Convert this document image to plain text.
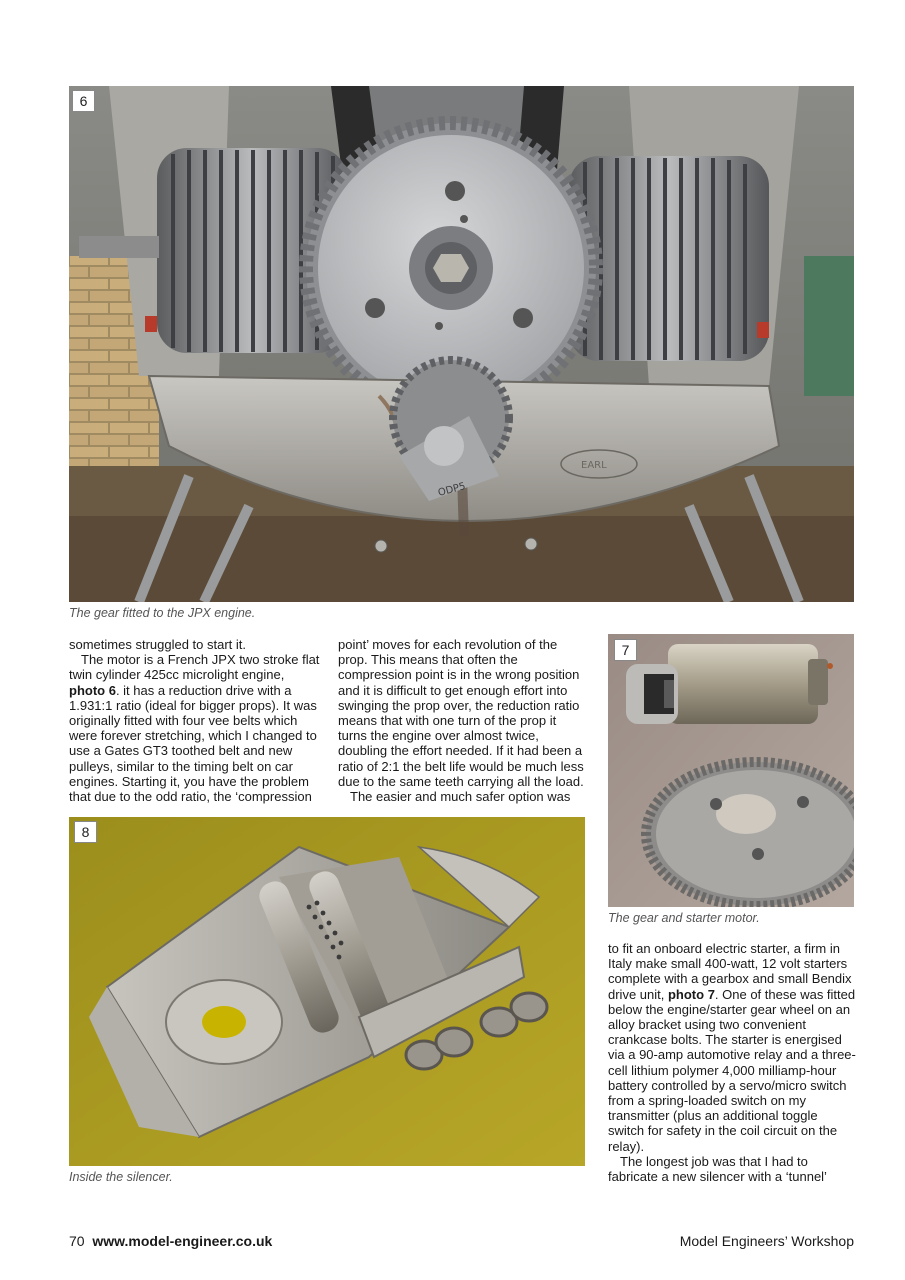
EARL
ODP5
6
The gear fitted to the JPX engine.

sometimes struggled to start it.

The motor is a French JPX two stroke flat twin cylinder 425cc microlight engine, photo 6. it has a reduction drive with a 1.931:1 ratio (ideal for bigger props). It was originally fitted with four vee belts which were forever stretching, which I changed to use a Gates GT3 toothed belt and new pulleys, similar to the timing belt on car engines. Starting it, you have the problem that due to the odd ratio, the ‘compression

point’ moves for each revolution of the prop. This means that often the compression point is in the wrong position and it is difficult to get enough effort into swinging the prop over, the reduction ratio means that with one turn of the prop it turns the engine over almost twice, doubling the effort needed. If it had been a ratio of 2:1 the belt life would be much less due to the same teeth carrying all the load.

The easier and much safer option was

7
The gear and starter motor.

to fit an onboard electric starter, a firm in Italy make small 400-watt, 12 volt starters complete with a gearbox and small Bendix drive unit, photo 7. One of these was fitted below the engine/starter gear wheel on an alloy bracket using two convenient crankcase bolts. The starter is energised via a 90-amp automotive relay and a three-cell lithium polymer 4,000 milliamp-hour battery controlled by a servo/micro switch from a spring-loaded switch on my transmitter (plus an additional toggle switch for safety in the coil circuit on the relay).

The longest job was that I had to fabricate a new silencer with a ‘tunnel’

8
Inside the silencer.
70 www.model-engineer.co.uk	Model Engineers’ Workshop
